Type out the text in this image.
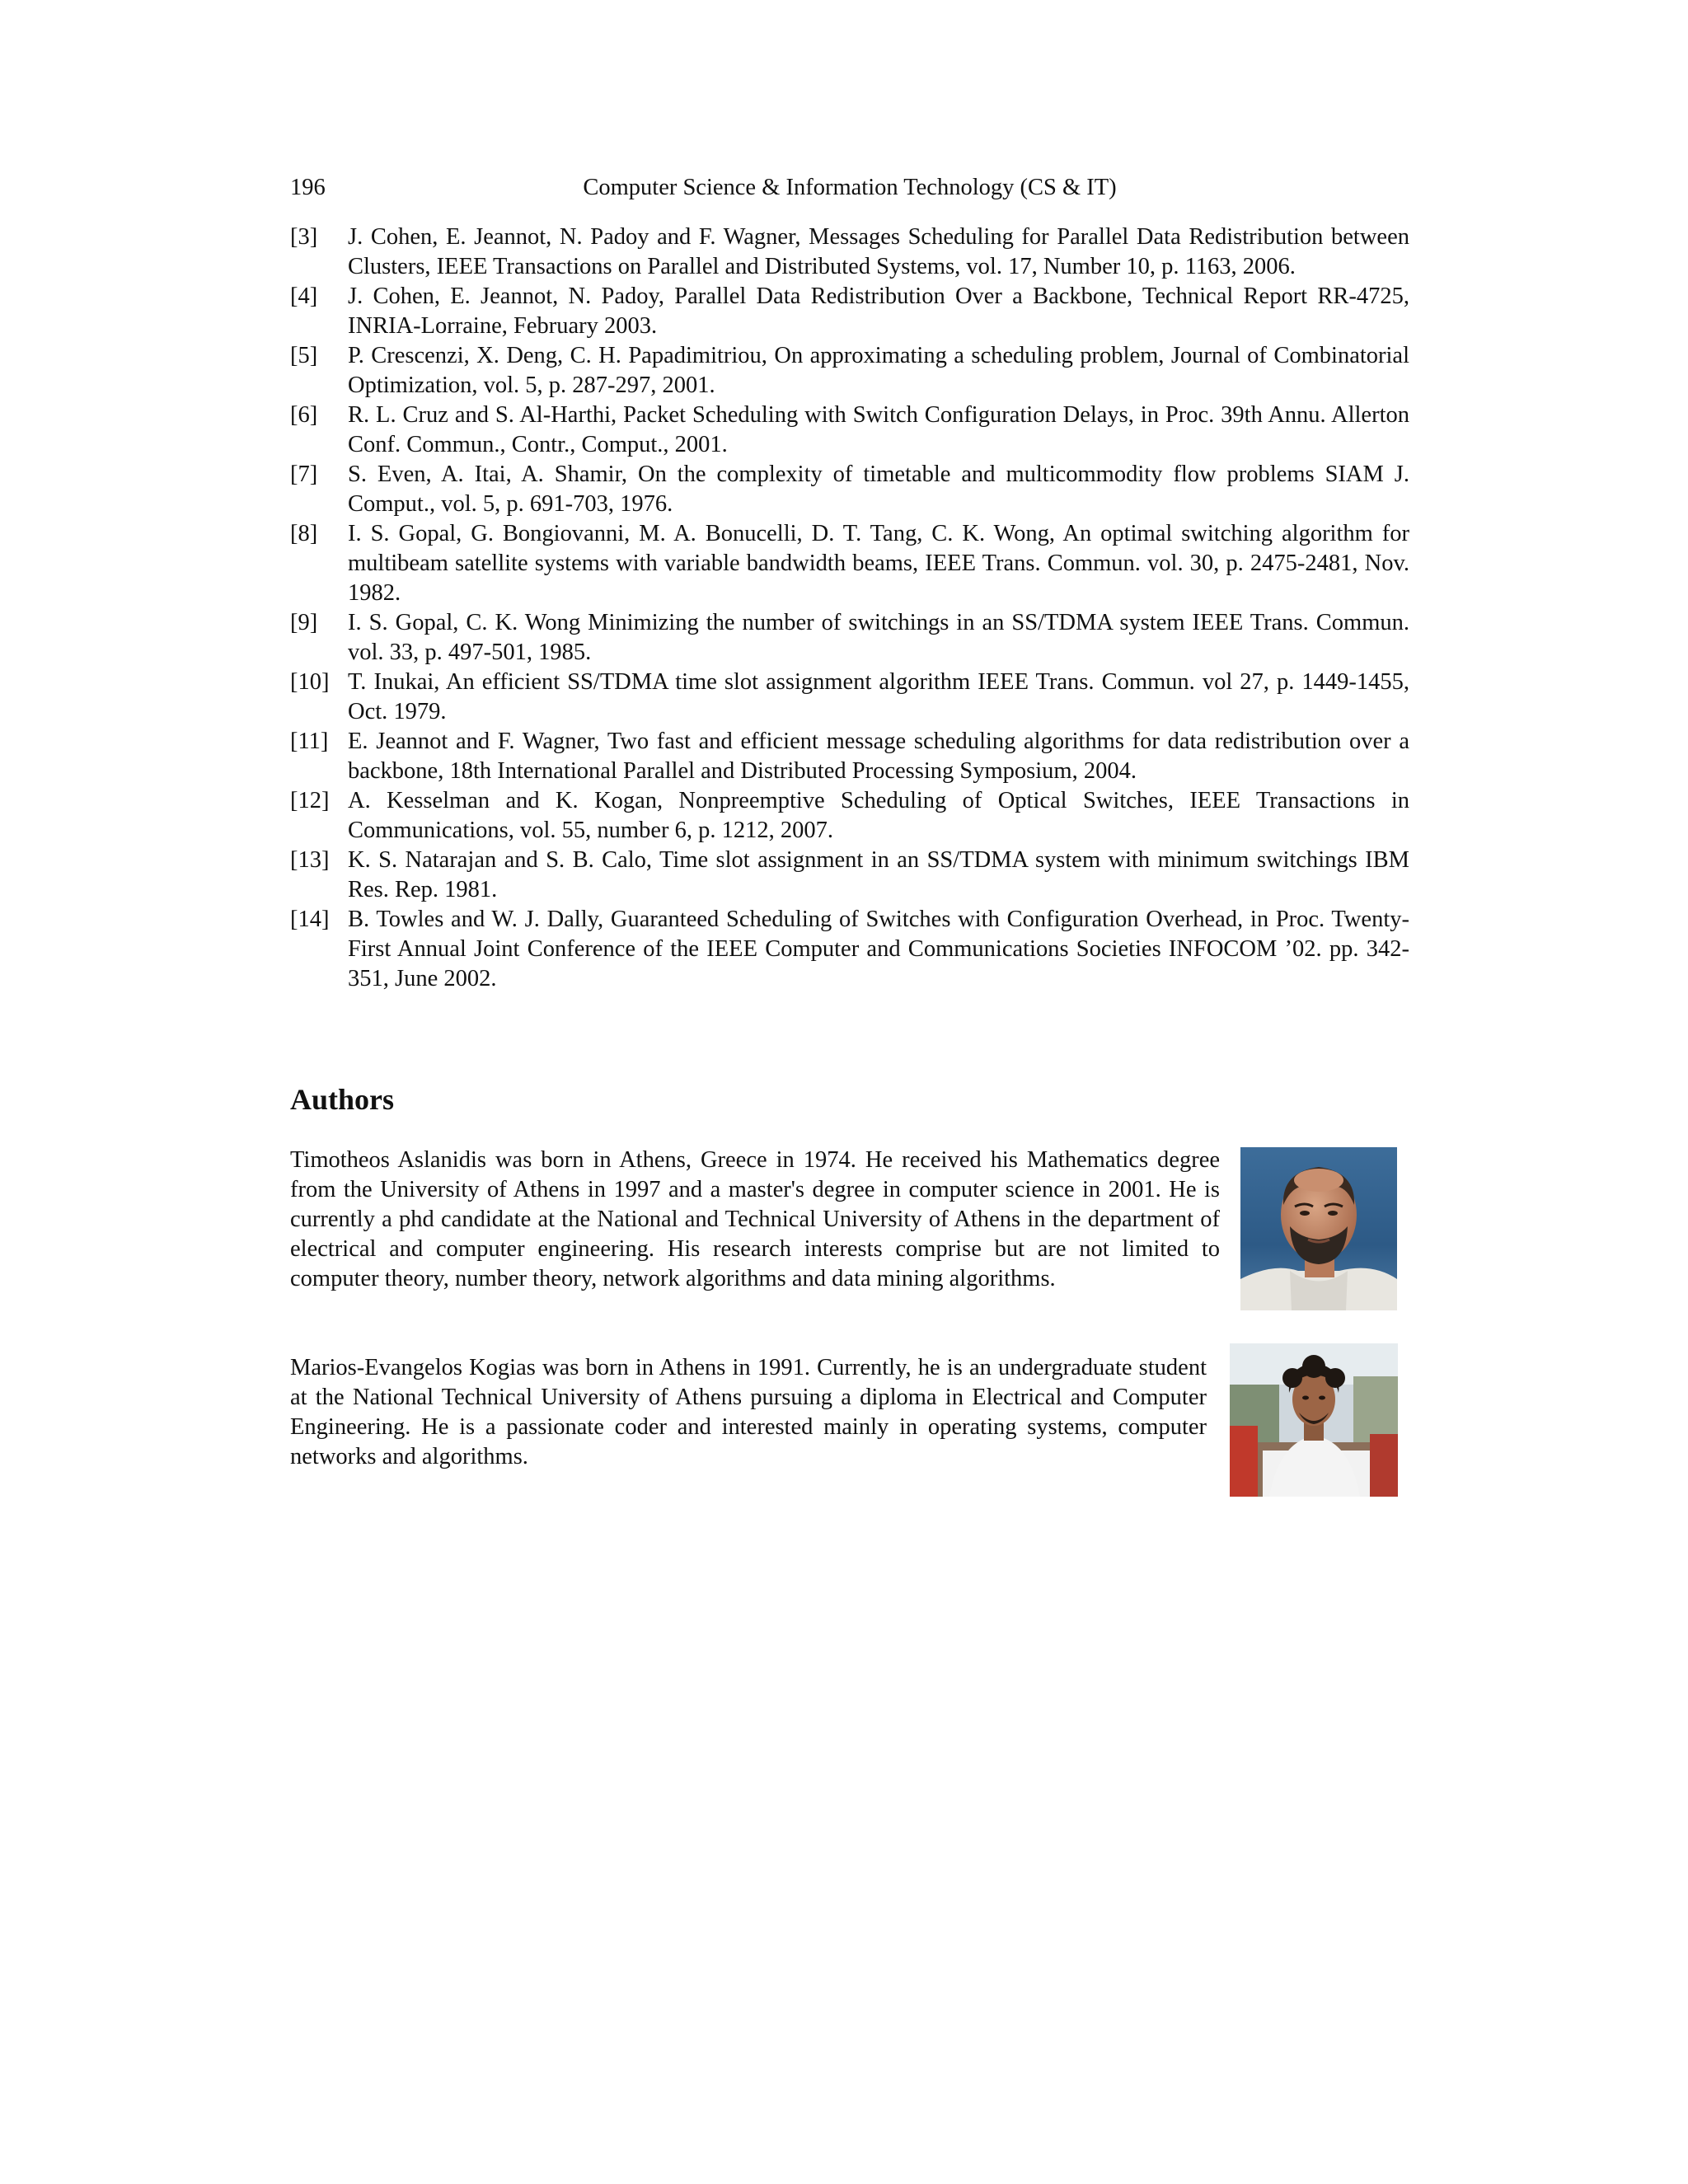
196	Computer Science & Information Technology (CS & IT)
[3] J. Cohen, E. Jeannot, N. Padoy and F. Wagner, Messages Scheduling for Parallel Data Redistribution between Clusters, IEEE Transactions on Parallel and Distributed Systems, vol. 17, Number 10, p. 1163, 2006.
[4] J. Cohen, E. Jeannot, N. Padoy, Parallel Data Redistribution Over a Backbone, Technical Report RR-4725, INRIA-Lorraine, February 2003.
[5] P. Crescenzi, X. Deng, C. H. Papadimitriou, On approximating a scheduling problem, Journal of Combinatorial Optimization, vol. 5, p. 287-297, 2001.
[6] R. L. Cruz and S. Al-Harthi, Packet Scheduling with Switch Configuration Delays, in Proc. 39th Annu. Allerton Conf. Commun., Contr., Comput., 2001.
[7] S. Even, A. Itai, A. Shamir, On the complexity of timetable and multicommodity flow problems SIAM J. Comput., vol. 5, p. 691-703, 1976.
[8] I. S. Gopal, G. Bongiovanni, M. A. Bonucelli, D. T. Tang, C. K. Wong, An optimal switching algorithm for multibeam satellite systems with variable bandwidth beams, IEEE Trans. Commun. vol. 30, p. 2475-2481, Nov. 1982.
[9] I. S. Gopal, C. K. Wong Minimizing the number of switchings in an SS/TDMA system IEEE Trans. Commun. vol. 33, p. 497-501, 1985.
[10] T. Inukai, An efficient SS/TDMA time slot assignment algorithm IEEE Trans. Commun. vol 27, p. 1449-1455, Oct. 1979.
[11] E. Jeannot and F. Wagner, Two fast and efficient message scheduling algorithms for data redistribution over a backbone, 18th International Parallel and Distributed Processing Symposium, 2004.
[12] A. Kesselman and K. Kogan, Nonpreemptive Scheduling of Optical Switches, IEEE Transactions in Communications, vol. 55, number 6, p. 1212, 2007.
[13] K. S. Natarajan and S. B. Calo, Time slot assignment in an SS/TDMA system with minimum switchings IBM Res. Rep. 1981.
[14] B. Towles and W. J. Dally, Guaranteed Scheduling of Switches with Configuration Overhead, in Proc. Twenty-First Annual Joint Conference of the IEEE Computer and Communications Societies INFOCOM ’02. pp. 342-351, June 2002.
Authors

Timotheos Aslanidis was born in Athens, Greece in 1974. He received his Mathematics degree from the University of Athens in 1997 and a master's degree in computer science in 2001. He is currently a phd candidate at the National and Technical University of Athens in the department of electrical and computer engineering. His research interests comprise but are not limited to computer theory, number theory, network algorithms and data mining algorithms.

Marios-Evangelos Kogias was born in Athens in 1991. Currently, he is an undergraduate student at the National Technical University of Athens pursuing a diploma in Electrical and Computer Engineering. He is a passionate coder and interested mainly in operating systems, computer networks and algorithms.
